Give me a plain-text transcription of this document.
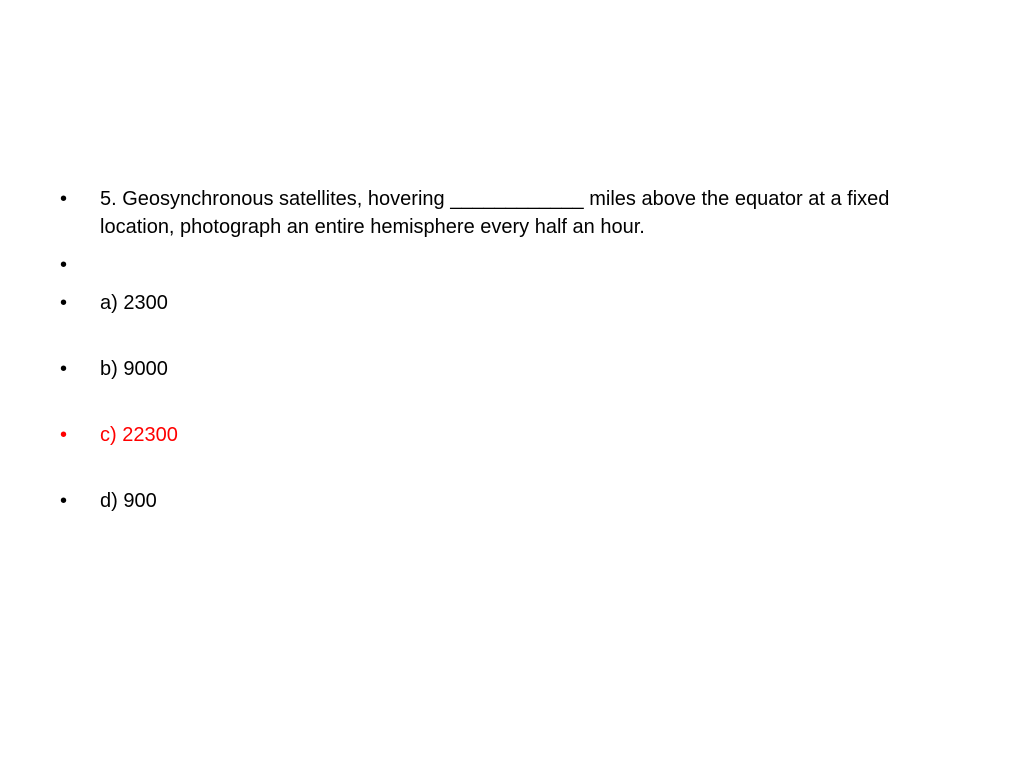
• 5. Geosynchronous satellites, hovering ____________ miles above the equator at a fixed location, photograph an entire hemisphere every half an hour.
•
• a) 2300
• b) 9000
• c) 22300
• d) 900
